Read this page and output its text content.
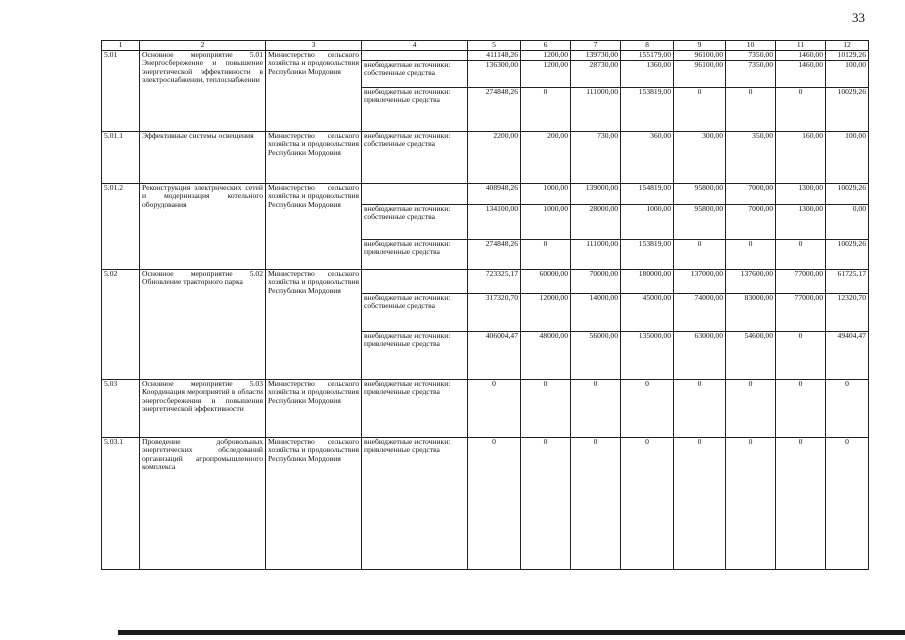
33
1	2	3	4	5	6	7	8	9	10	11	12
5.01	Основное мероприятие 5.01 Энергосбережение и повышение энергетической эффективности в электроснабжении, теплоснабжении	Министерство сельского хозяйства и продовольствия Республики Мордовия		411148,26	1200,00	139730,00	155179,00	96100,00	7350,00	1460,00	10129,26
			внебюджетные источники: собственные средства	136300,00	1200,00	28730,00	1360,00	96100,00	7350,00	1460,00	100,00
			внебюджетные источники: привлеченные средства	274848,26	0	111000,00	153819,00	0	0	0	10029,26
5.01.1	Эффективные системы освещения	Министерство сельского хозяйства и продовольствия Республики Мордовия	внебюджетные источники: собственные средства	2200,00	200,00	730,00	360,00	300,00	350,00	160,00	100,00
5.01.2	Реконструкция электрических сетей и модернизация котельного оборудования	Министерство сельского хозяйства и продовольствия Республики Мордовия		408948,26	1000,00	139000,00	154819,00	95800,00	7000,00	1300,00	10029,26
			внебюджетные источники: собственные средства	134100,00	1000,00	28000,00	1000,00	95800,00	7000,00	1300,00	0,00
			внебюджетные источники: привлеченные средства	274848,26	0	111000,00	153819,00	0	0	0	10029,26
5.02	Основное мероприятие 5.02 Обновление тракторного парка	Министерство сельского хозяйства и продовольствия Республики Мордовия		723325,17	60000,00	70000,00	180000,00	137000,00	137600,00	77000,00	61725,17
			внебюджетные источники: собственные средства	317320,70	12000,00	14000,00	45000,00	74000,00	83000,00	77000,00	12320,70
			внебюджетные источники: привлеченные средства	406004,47	48000,00	56000,00	135000,00	63000,00	54600,00	0	49404,47
5.03	Основное мероприятие 5.03 Координация мероприятий в области энергосбережения и повышения энергетической эффективности	Министерство сельского хозяйства и продовольствия Республики Мордовия	внебюджетные источники: привлеченные средства	0	0	0	0	0	0	0	0
5.03.1	Проведение добровольных энергетических обследований организаций агропромышленного комплекса	Министерство сельского хозяйства и продовольствия Республики Мордовия	внебюджетные источники: привлеченные средства	0	0	0	0	0	0	0	0
